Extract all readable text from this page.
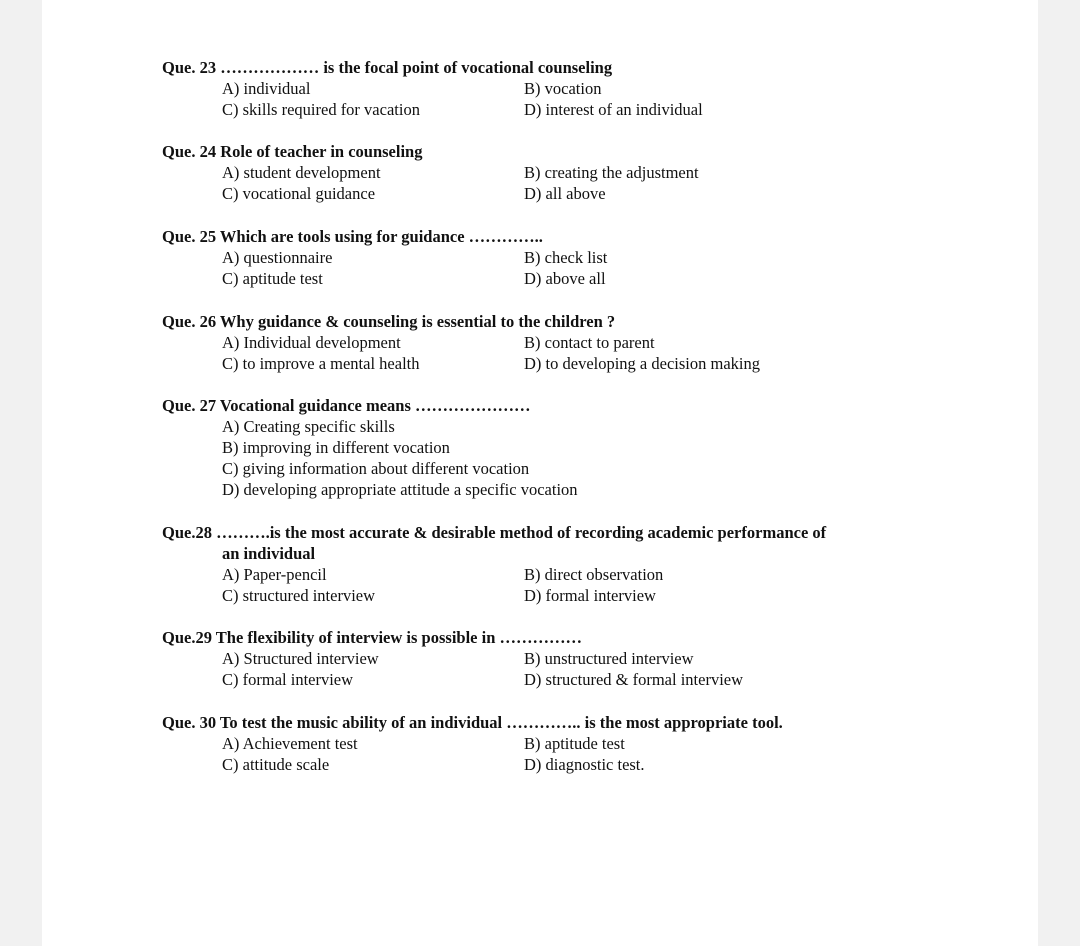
Que. 23 ……………… is the focal point of vocational counseling
A) individual	B) vocation
C) skills required for vacation	D) interest of an individual
Que. 24 Role of teacher in counseling
A) student development	B) creating the adjustment
C) vocational guidance	D) all above
Que. 25 Which are tools using for guidance …………..
A) questionnaire	B) check list
C) aptitude test	D) above all
Que. 26 Why guidance & counseling is essential to the children ?
A) Individual development	B) contact to parent
C) to improve a mental health	D) to developing a decision making
Que. 27 Vocational guidance means …………………
A) Creating specific skills
B) improving in different vocation
C) giving information about different vocation
D) developing appropriate attitude a specific vocation
Que.28 ……….is the most accurate & desirable method of recording academic performance of
an individual
A) Paper-pencil	B) direct observation
C) structured interview	D) formal interview
Que.29 The flexibility of interview is possible in ……………
A) Structured interview	B) unstructured interview
C) formal interview	D) structured & formal interview
Que. 30 To test the music ability of an individual ………….. is the most appropriate tool.
A) Achievement test	B) aptitude test
C) attitude scale	D) diagnostic test.
